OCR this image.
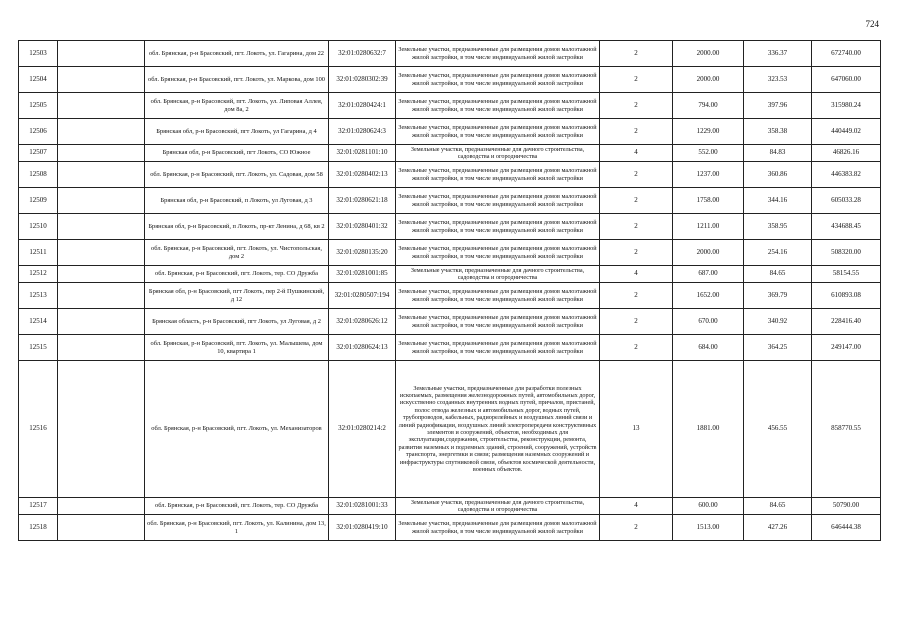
724
12503		обл. Брянская, р-н Брасовский, пгт. Локоть, ул. Гагарина, дом 22	32:01:0280632:7	Земельные участки, предназначенные для размещения домов малоэтажной жилой застройки, в том числе индивидуальной жилой застройки	2	2000.00	336.37	672740.00
12504		обл. Брянская, р-н Брасовский, пгт. Локоть, ул. Маркова, дом 100	32:01:0280302:39	Земельные участки, предназначенные для размещения домов малоэтажной жилой застройки, в том числе индивидуальной жилой застройки	2	2000.00	323.53	647060.00
12505		обл. Брянская, р-н Брасовский, пгт. Локоть, ул. Липовая Аллея, дом 8а, 2	32:01:0280424:1	Земельные участки, предназначенные для размещения домов малоэтажной жилой застройки, в том числе индивидуальной жилой застройки	2	794.00	397.96	315980.24
12506		Брянская обл, р-н Брасовский, пгт Локоть, ул Гагарина, д 4	32:01:0280624:3	Земельные участки, предназначенные для размещения домов малоэтажной жилой застройки, в том числе индивидуальной жилой застройки	2	1229.00	358.38	440449.02
12507		Брянская обл, р-н Брасовский, пгт Локоть, СО Южное	32:01:0281101:10	Земельные участки, предназначенные для дачного строительства, садоводства и огородничества	4	552.00	84.83	46826.16
12508		обл. Брянская, р-н Брасовский, пгт. Локоть, ул. Садовая, дом 58	32:01:0280402:13	Земельные участки, предназначенные для размещения домов малоэтажной жилой застройки, в том числе индивидуальной жилой застройки	2	1237.00	360.86	446383.82
12509		Брянская обл, р-н Брасовский, п Локоть, ул Луговая, д 3	32:01:0280621:18	Земельные участки, предназначенные для размещения домов малоэтажной жилой застройки, в том числе индивидуальной жилой застройки	2	1758.00	344.16	605033.28
12510		Брянская обл, р-н Брасовский, п Локоть, пр-кт Ленина, д 68, кв 2	32:01:0280401:32	Земельные участки, предназначенные для размещения домов малоэтажной жилой застройки, в том числе индивидуальной жилой застройки	2	1211.00	358.95	434688.45
12511		обл. Брянская, р-н Брасовский, пгт. Локоть, ул. Чистопольская, дом 2	32:01:0280135:20	Земельные участки, предназначенные для размещения домов малоэтажной жилой застройки, в том числе индивидуальной жилой застройки	2	2000.00	254.16	508320.00
12512		обл. Брянская, р-н Брасовский, пгт. Локоть, тер. СО Дружба	32:01:0281001:85	Земельные участки, предназначенные для дачного строительства, садоводства и огородничества	4	687.00	84.65	58154.55
12513		Брянская обл, р-н Брасовский, пгт Локоть, пер 2-й Пушкинский, д 12	32:01:0280507:194	Земельные участки, предназначенные для размещения домов малоэтажной жилой застройки, в том числе индивидуальной жилой застройки	2	1652.00	369.79	610893.08
12514		Брянская область, р-н Брасовский, пгт Локоть, ул Луговая, д 2	32:01:0280626:12	Земельные участки, предназначенные для размещения домов малоэтажной жилой застройки, в том числе индивидуальной жилой застройки	2	670.00	340.92	228416.40
12515		обл. Брянская, р-н Брасовский, пгт. Локоть, ул. Малышева, дом 10, квартира 1	32:01:0280624:13	Земельные участки, предназначенные для размещения домов малоэтажной жилой застройки, в том числе индивидуальной жилой застройки	2	684.00	364.25	249147.00
12516		обл. Брянская, р-н Брасовский, пгт. Локоть, ул. Механизаторов	32:01:0280214:2	Земельные участки, предназначенные для разработки полезных ископаемых, размещения железнодорожных путей, автомобильных дорог, искусственно созданных внутренних водных путей, причалов, пристаней, полос отвода железных и автомобильных дорог, водных путей, трубопроводов, кабельных, радиорелейных и воздушных линий связи и линий радиофикации, воздушных линий электропередачи конструктивных элементов и сооружений, объектов, необходимых для эксплуатации,содержания, строительства, реконструкции, ремонта, развития наземных и подземных зданий, строений, сооружений, устройств транспорта, энергетики и связи; размещения наземных сооружений и инфраструктуры спутниковой связи, объектов космической деятельности, военных объектов.	13	1881.00	456.55	858770.55
12517		обл. Брянская, р-н Брасовский, пгт. Локоть, тер. СО Дружба	32:01:0281001:33	Земельные участки, предназначенные для дачного строительства, садоводства и огородничества	4	600.00	84.65	50790.00
12518		обл. Брянская, р-н Брасовский, пгт. Локоть, ул. Калинина, дом 13, 1	32:01:0280419:10	Земельные участки, предназначенные для размещения домов малоэтажной жилой застройки, в том числе индивидуальной жилой застройки	2	1513.00	427.26	646444.38
